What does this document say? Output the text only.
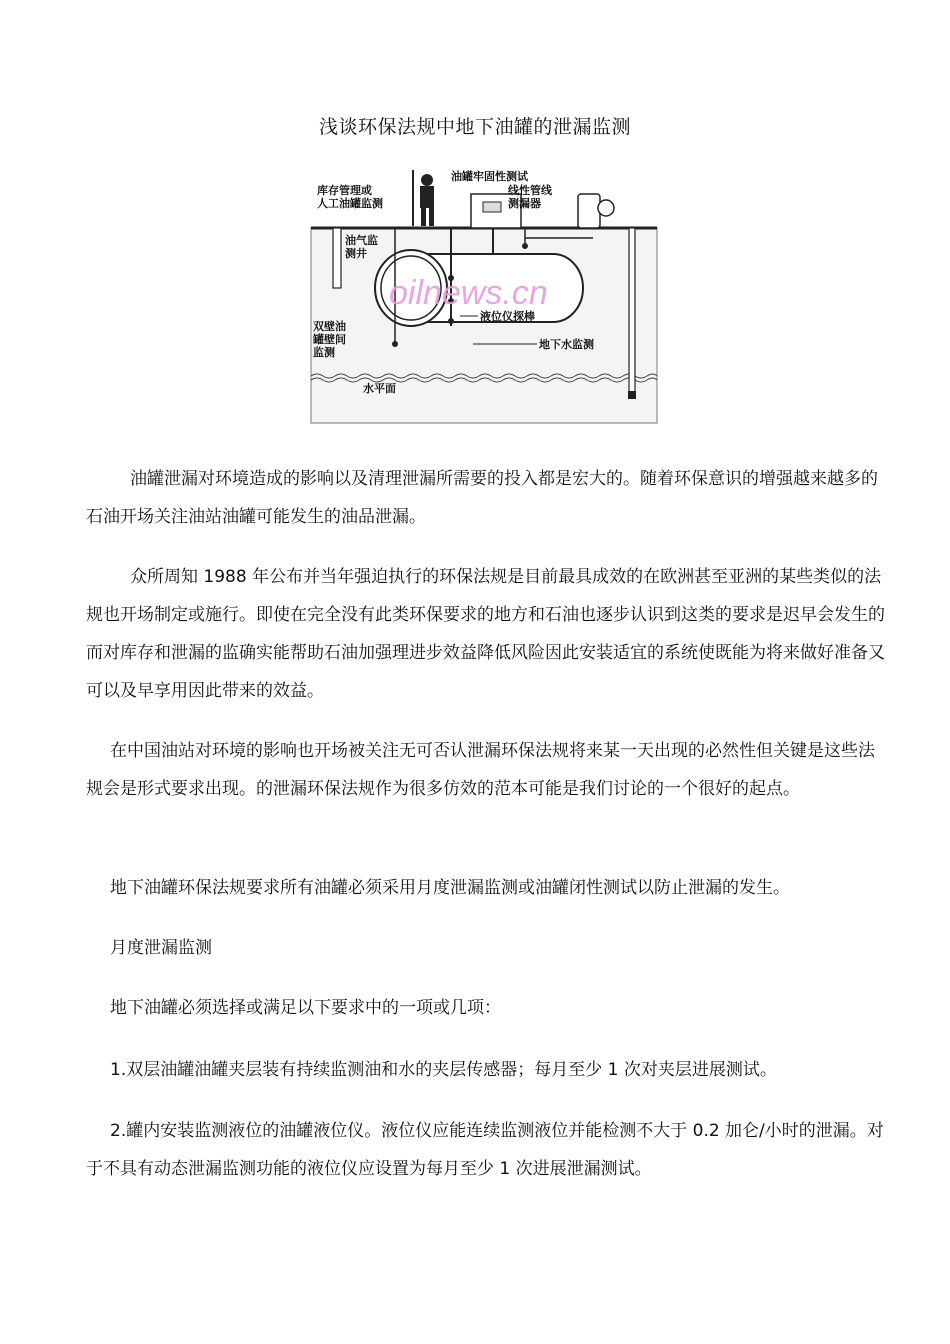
浅谈环保法规中地下油罐的泄漏监测
库存管理或
人工油罐监测
油罐牢固性测试
线性管线
测漏器
油气监
测井
双壁油
罐壁间
监测
液位仪探棒
地下水监测
水平面
oilnews.cn

油罐泄漏对环境造成的影响以及清理泄漏所需要的投入都是宏大的。随着环保意识的增强越来越多的石油开场关注油站油罐可能发生的油品泄漏。

众所周知 1988 年公布并当年强迫执行的环保法规是目前最具成效的在欧洲甚至亚洲的某些类似的法规也开场制定或施行。即使在完全没有此类环保要求的地方和石油也逐步认识到这类的要求是迟早会发生的而对库存和泄漏的监确实能帮助石油加强理进步效益降低风险因此安装适宜的系统使既能为将来做好准备又可以及早享用因此带来的效益。

在中国油站对环境的影响也开场被关注无可否认泄漏环保法规将来某一天出现的必然性但关键是这些法规会是形式要求出现。的泄漏环保法规作为很多仿效的范本可能是我们讨论的一个很好的起点。

地下油罐环保法规要求所有油罐必须采用月度泄漏监测或油罐闭性测试以防止泄漏的发生。
月度泄漏监测
地下油罐必须选择或满足以下要求中的一项或几项：
1.双层油罐油罐夹层装有持续监测油和水的夹层传感器；每月至少 1 次对夹层进展测试。

2.罐内安装监测液位的油罐液位仪。液位仪应能连续监测液位并能检测不大于 0.2 加仑/小时的泄漏。对于不具有动态泄漏监测功能的液位仪应设置为每月至少 1 次进展泄漏测试。
